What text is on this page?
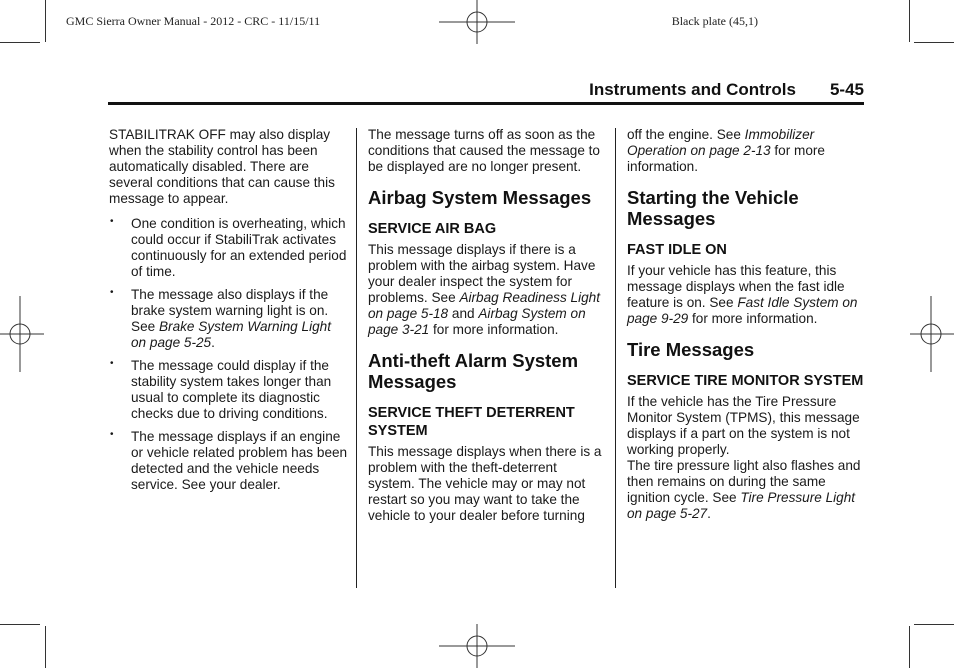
GMC Sierra Owner Manual - 2012 - CRC - 11/15/11	Black plate (45,1)
Instruments and Controls 5-45

STABILITRAK OFF may also display when the stability control has been automatically disabled. There are several conditions that can cause this message to appear.

• One condition is overheating, which could occur if StabiliTrak activates continuously for an extended period of time.
• The message also displays if the brake system warning light is on. See Brake System Warning Light on page 5-25.
• The message could display if the stability system takes longer than usual to complete its diagnostic checks due to driving conditions.
• The message displays if an engine or vehicle related problem has been detected and the vehicle needs service. See your dealer.

The message turns off as soon as the conditions that caused the message to be displayed are no longer present.

Airbag System Messages
SERVICE AIR BAG

This message displays if there is a problem with the airbag system. Have your dealer inspect the system for problems. See Airbag Readiness Light on page 5-18 and Airbag System on page 3-21 for more information.

Anti-theft Alarm System Messages
SERVICE THEFT DETERRENT SYSTEM

This message displays when there is a problem with the theft-deterrent system. The vehicle may or may not restart so you may want to take the vehicle to your dealer before turning

off the engine. See Immobilizer Operation on page 2-13 for more information.

Starting the Vehicle Messages
FAST IDLE ON

If your vehicle has this feature, this message displays when the fast idle feature is on. See Fast Idle System on page 9-29 for more information.

Tire Messages
SERVICE TIRE MONITOR SYSTEM

If the vehicle has the Tire Pressure Monitor System (TPMS), this message displays if a part on the system is not working properly.

The tire pressure light also flashes and then remains on during the same ignition cycle. See Tire Pressure Light on page 5-27.
